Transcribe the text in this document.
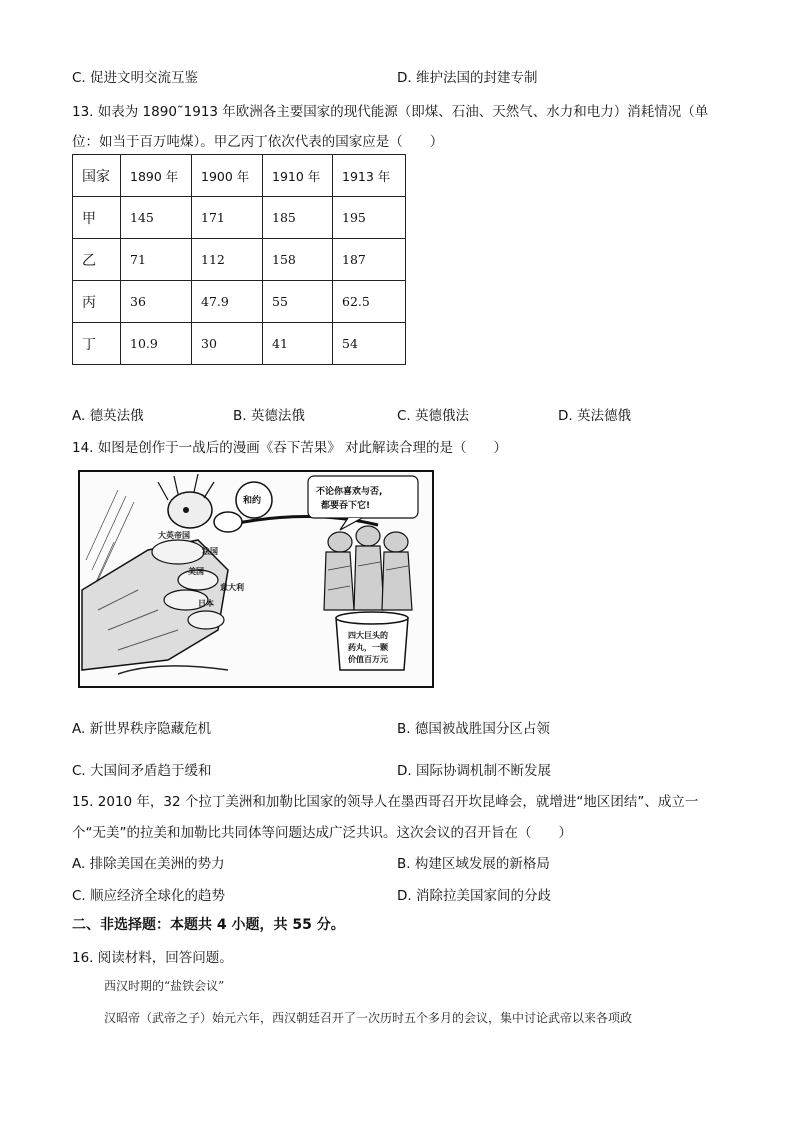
C. 促进文明交流互鉴	D. 维护法国的封建专制
13. 如表为 1890˜1913 年欧洲各主要国家的现代能源（即煤、石油、天然气、水力和电力）消耗情况（单
位：如当于百万吨煤）。甲乙丙丁依次代表的国家应是（　　）
国家	1890 年	1900 年	1910 年	1913 年
甲	145	171	185	195
乙	71	112	158	187
丙	36	47.9	55	62.5
丁	10.9	30	41	54
A. 德英法俄	B. 英德法俄	C. 英德俄法	D. 英法德俄
14. 如图是创作于一战后的漫画《吞下苦果》 对此解读合理的是（　　）
不论你喜欢与否,
都要吞下它!
和约
大英帝国
法国
美国
意大利
日本
四大巨头的
药丸，一颗
价值百万元
A. 新世界秩序隐藏危机	B. 德国被战胜国分区占领
C. 大国间矛盾趋于缓和	D. 国际协调机制不断发展
15. 2010 年，32 个拉丁美洲和加勒比国家的领导人在墨西哥召开坎昆峰会，就增进“地区团结”、成立一
个“无美”的拉美和加勒比共同体等问题达成广泛共识。这次会议的召开旨在（　　）
A. 排除美国在美洲的势力	B. 构建区域发展的新格局
C. 顺应经济全球化的趋势	D. 消除拉美国家间的分歧
二、非选择题：本题共 4 小题，共 55 分。
16. 阅读材料，回答问题。
西汉时期的“盐铁会议”
汉昭帝（武帝之子）始元六年，西汉朝廷召开了一次历时五个多月的会议，集中讨论武帝以来各项政
